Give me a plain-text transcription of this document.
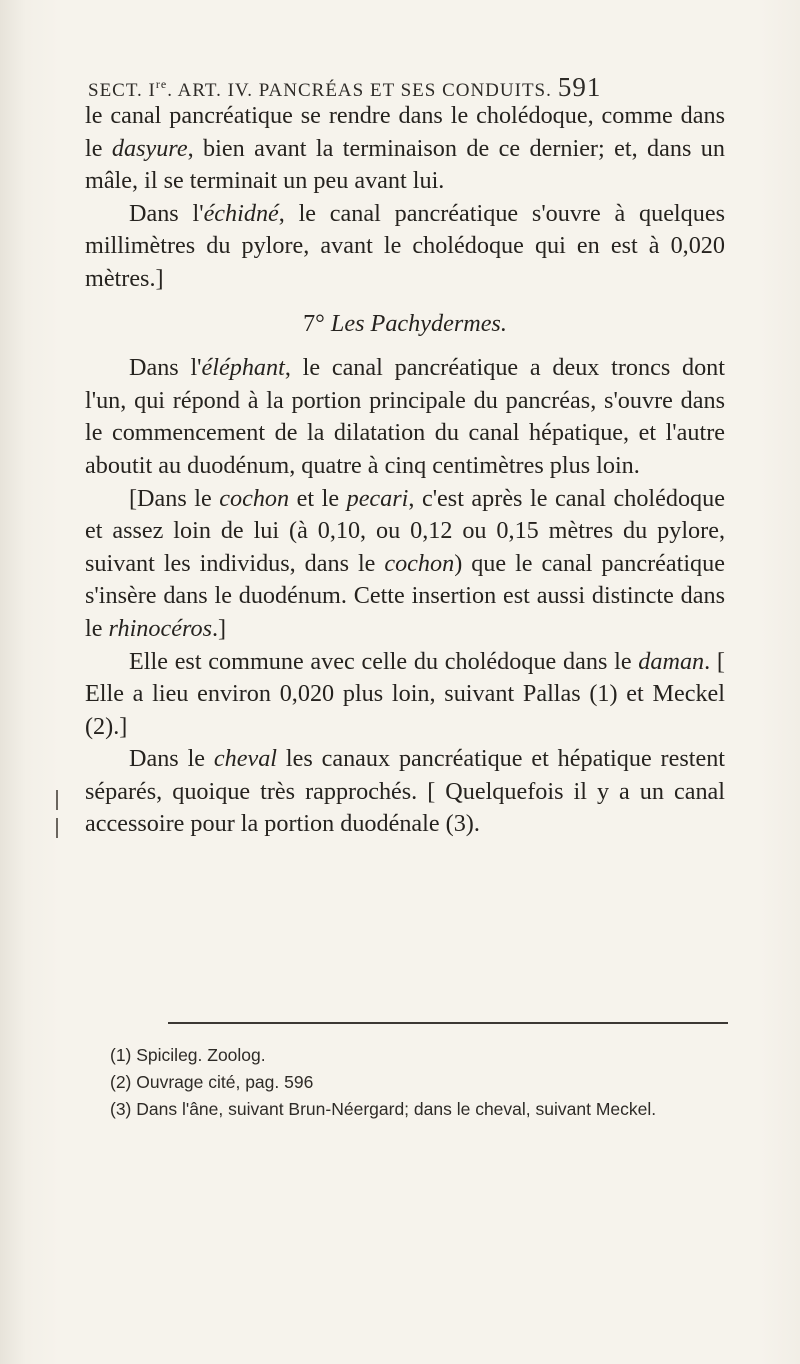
SECT. Ire. ART. IV. PANCRÉAS ET SES CONDUITS. 591

le canal pancréatique se rendre dans le cholédoque, comme dans le dasyure, bien avant la terminaison de ce dernier; et, dans un mâle, il se terminait un peu avant lui.

Dans l'échidné, le canal pancréatique s'ouvre à quelques millimètres du pylore, avant le cholédoque qui en est à 0,020 mètres.]

7° Les Pachydermes.

Dans l'éléphant, le canal pancréatique a deux troncs dont l'un, qui répond à la portion principale du pancréas, s'ouvre dans le commencement de la dilatation du canal hépatique, et l'autre aboutit au duodénum, quatre à cinq centimètres plus loin.

[Dans le cochon et le pecari, c'est après le canal cholédoque et assez loin de lui (à 0,10, ou 0,12 ou 0,15 mètres du pylore, suivant les individus, dans le cochon) que le canal pancréatique s'insère dans le duodénum. Cette insertion est aussi distincte dans le rhinocéros.]

Elle est commune avec celle du cholédoque dans le daman. [ Elle a lieu environ 0,020 plus loin, suivant Pallas (1) et Meckel (2).]

Dans le cheval les canaux pancréatique et hépatique restent séparés, quoique très rapprochés. [ Quelquefois il y a un canal accessoire pour la portion duodénale (3).

(1) Spicileg. Zoolog.
(2) Ouvrage cité, pag. 596
(3) Dans l'âne, suivant Brun-Néergard; dans le cheval, suivant Meckel.
